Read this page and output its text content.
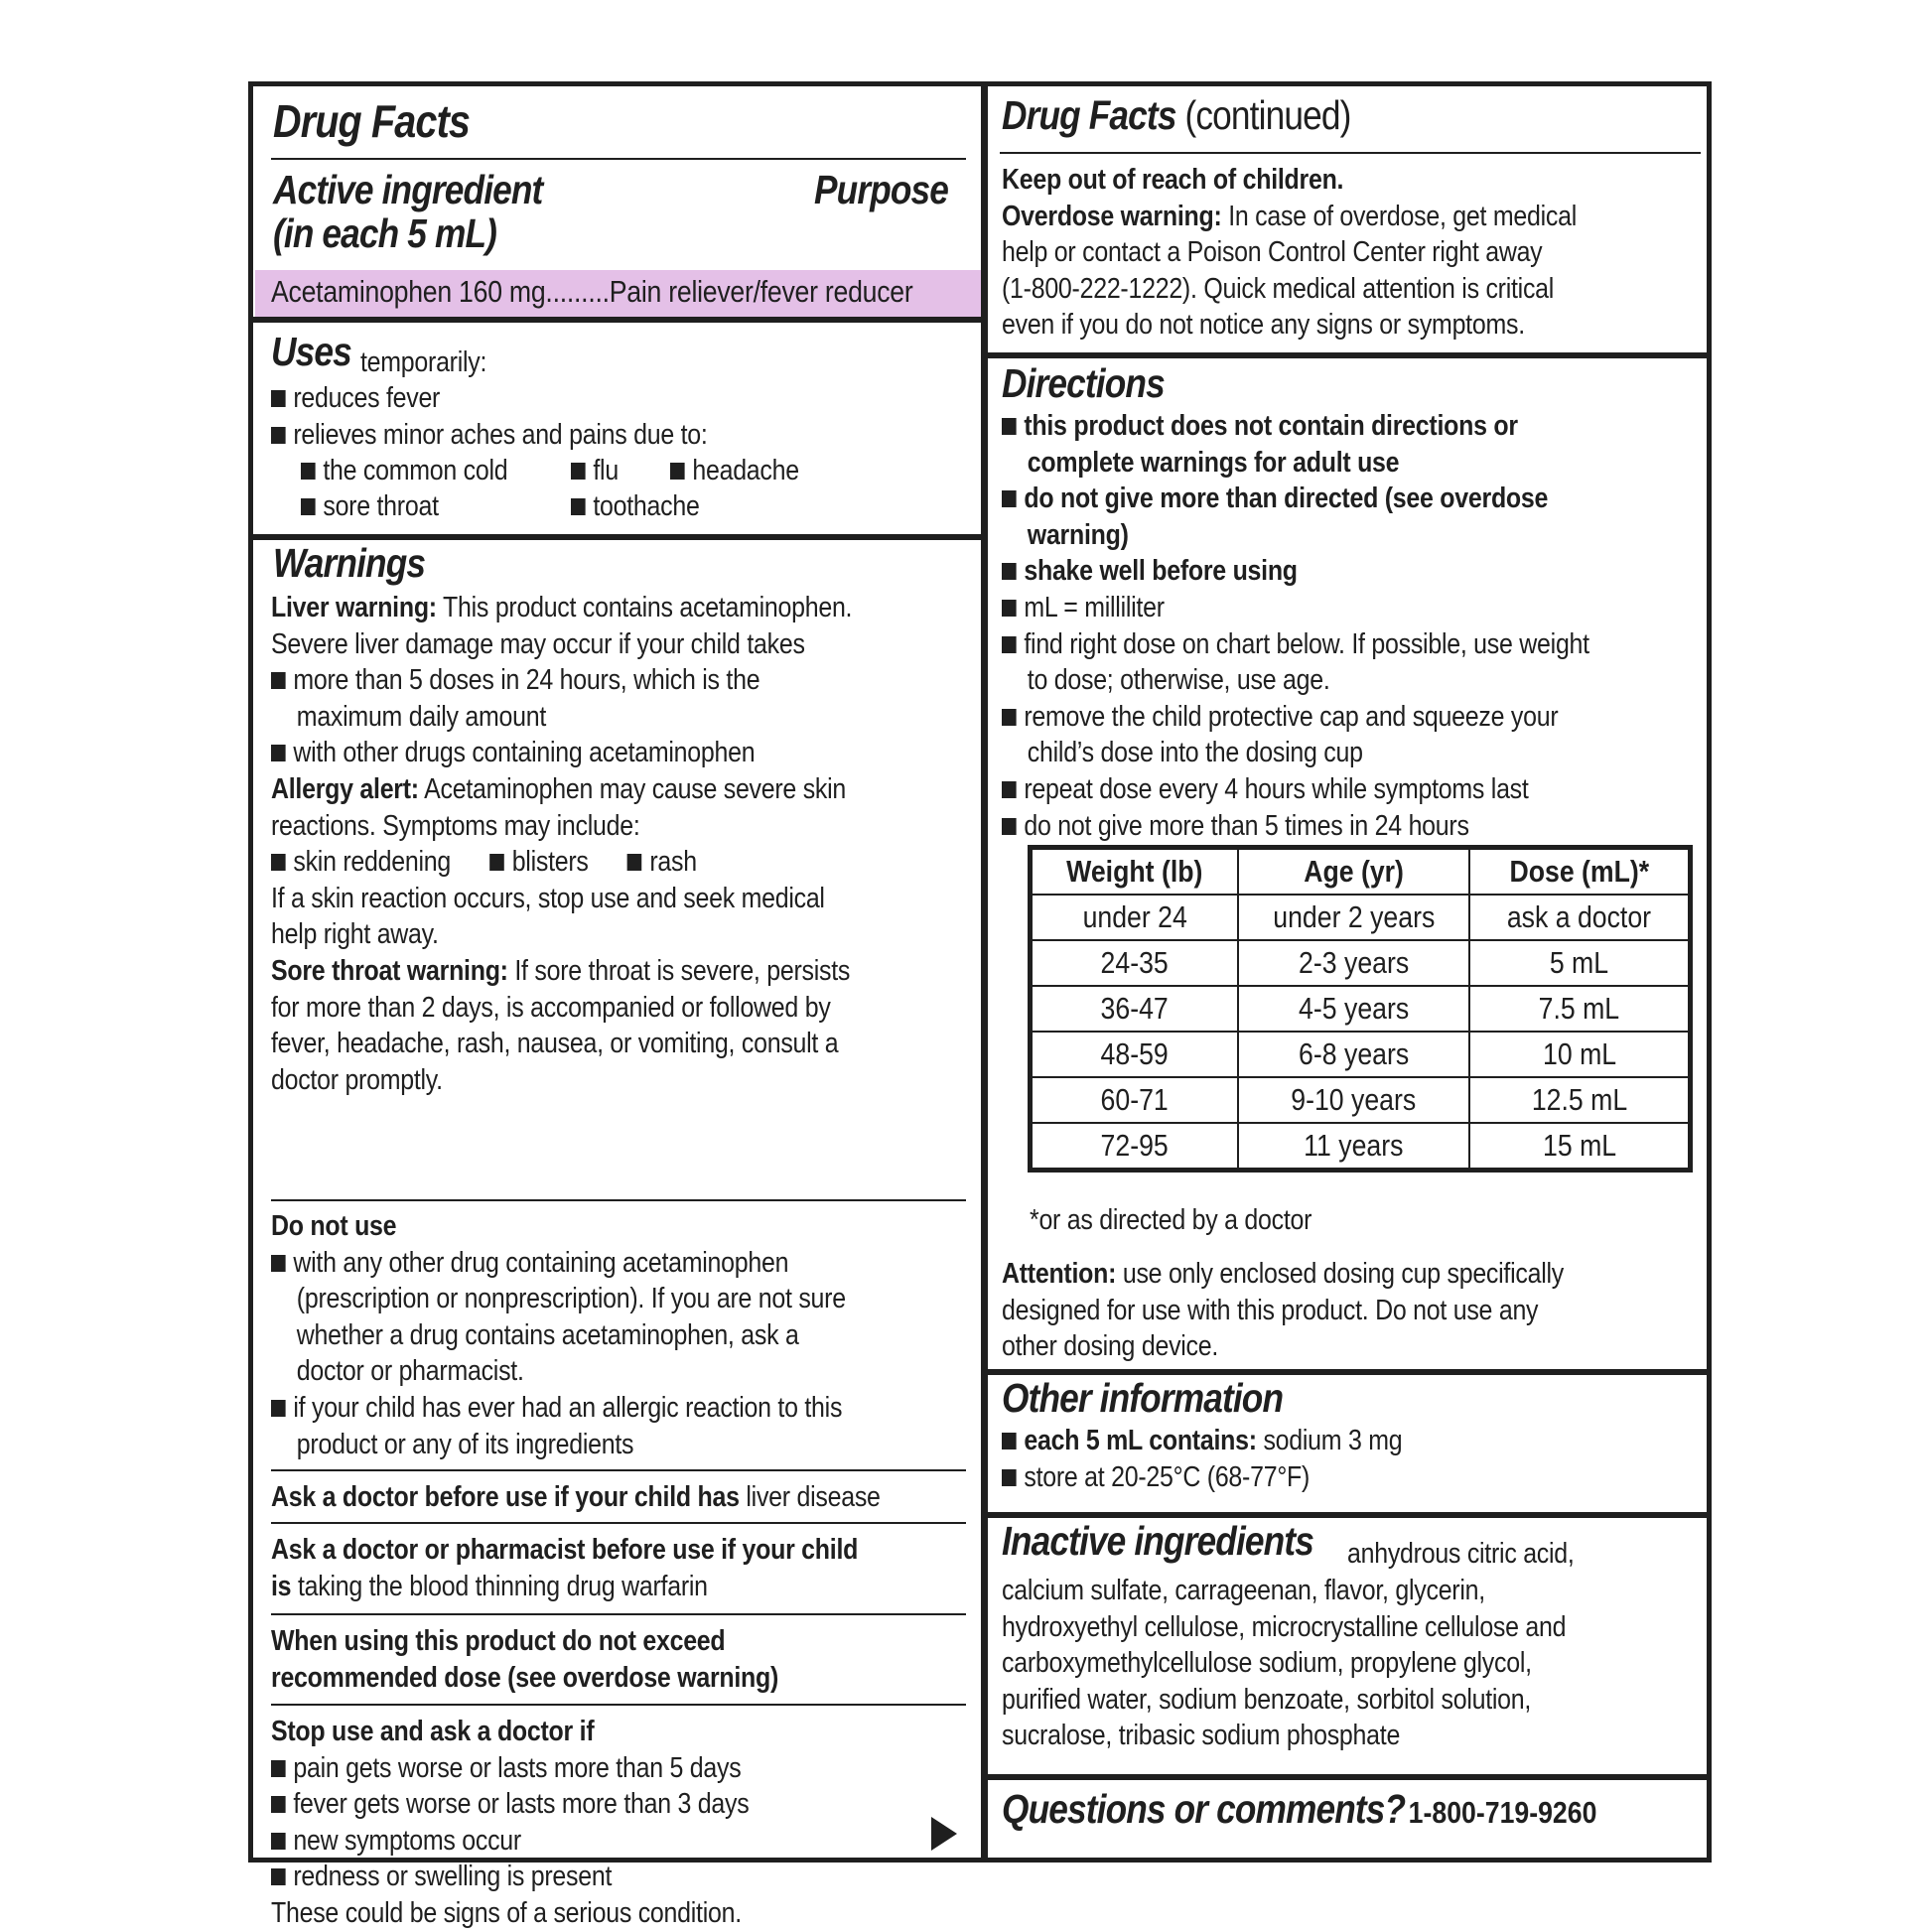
Drug Facts
Active ingredient
(in each 5 mL)
Purpose
Acetaminophen 160 mg.........Pain reliever/fever reducer
Uses temporarily:
reduces fever
relieves minor aches and pains due to:
the common cold	flu	headache
sore throat	toothache
Warnings
Liver warning: This product contains acetaminophen.
Severe liver damage may occur if your child takes
more than 5 doses in 24 hours, which is the
maximum daily amount
with other drugs containing acetaminophen
Allergy alert: Acetaminophen may cause severe skin
reactions. Symptoms may include:
skin reddening blisters rash
If a skin reaction occurs, stop use and seek medical
help right away.
Sore throat warning: If sore throat is severe, persists
for more than 2 days, is accompanied or followed by
fever, headache, rash, nausea, or vomiting, consult a
doctor promptly.
Do not use
with any other drug containing acetaminophen
(prescription or nonprescription). If you are not sure
whether a drug contains acetaminophen, ask a
doctor or pharmacist.
if your child has ever had an allergic reaction to this
product or any of its ingredients
Ask a doctor before use if your child has liver disease
Ask a doctor or pharmacist before use if your child
is taking the blood thinning drug warfarin
When using this product do not exceed
recommended dose (see overdose warning)
Stop use and ask a doctor if
pain gets worse or lasts more than 5 days
fever gets worse or lasts more than 3 days
new symptoms occur
redness or swelling is present
These could be signs of a serious condition.
Drug Facts (continued)
Keep out of reach of children.
Overdose warning: In case of overdose, get medical
help or contact a Poison Control Center right away
(1-800-222-1222). Quick medical attention is critical
even if you do not notice any signs or symptoms.
Directions
this product does not contain directions or
complete warnings for adult use
do not give more than directed (see overdose
warning)
shake well before using
mL = milliliter
find right dose on chart below. If possible, use weight
to dose; otherwise, use age.
remove the child protective cap and squeeze your
child’s dose into the dosing cup
repeat dose every 4 hours while symptoms last
do not give more than 5 times in 24 hours
Weight (lb)	Age (yr)	Dose (mL)*
under 24	under 2 years	ask a doctor
24-35	2-3 years	5 mL
36-47	4-5 years	7.5 mL
48-59	6-8 years	10 mL
60-71	9-10 years	12.5 mL
72-95	11 years	15 mL
*or as directed by a doctor
Attention: use only enclosed dosing cup specifically
designed for use with this product. Do not use any
other dosing device.
Other information
each 5 mL contains: sodium 3 mg
store at 20-25°C (68-77°F)
Inactive ingredients anhydrous citric acid,
calcium sulfate, carrageenan, flavor, glycerin,
hydroxyethyl cellulose, microcrystalline cellulose and
carboxymethylcellulose sodium, propylene glycol,
purified water, sodium benzoate, sorbitol solution,
sucralose, tribasic sodium phosphate
Questions or comments? 1-800-719-9260
